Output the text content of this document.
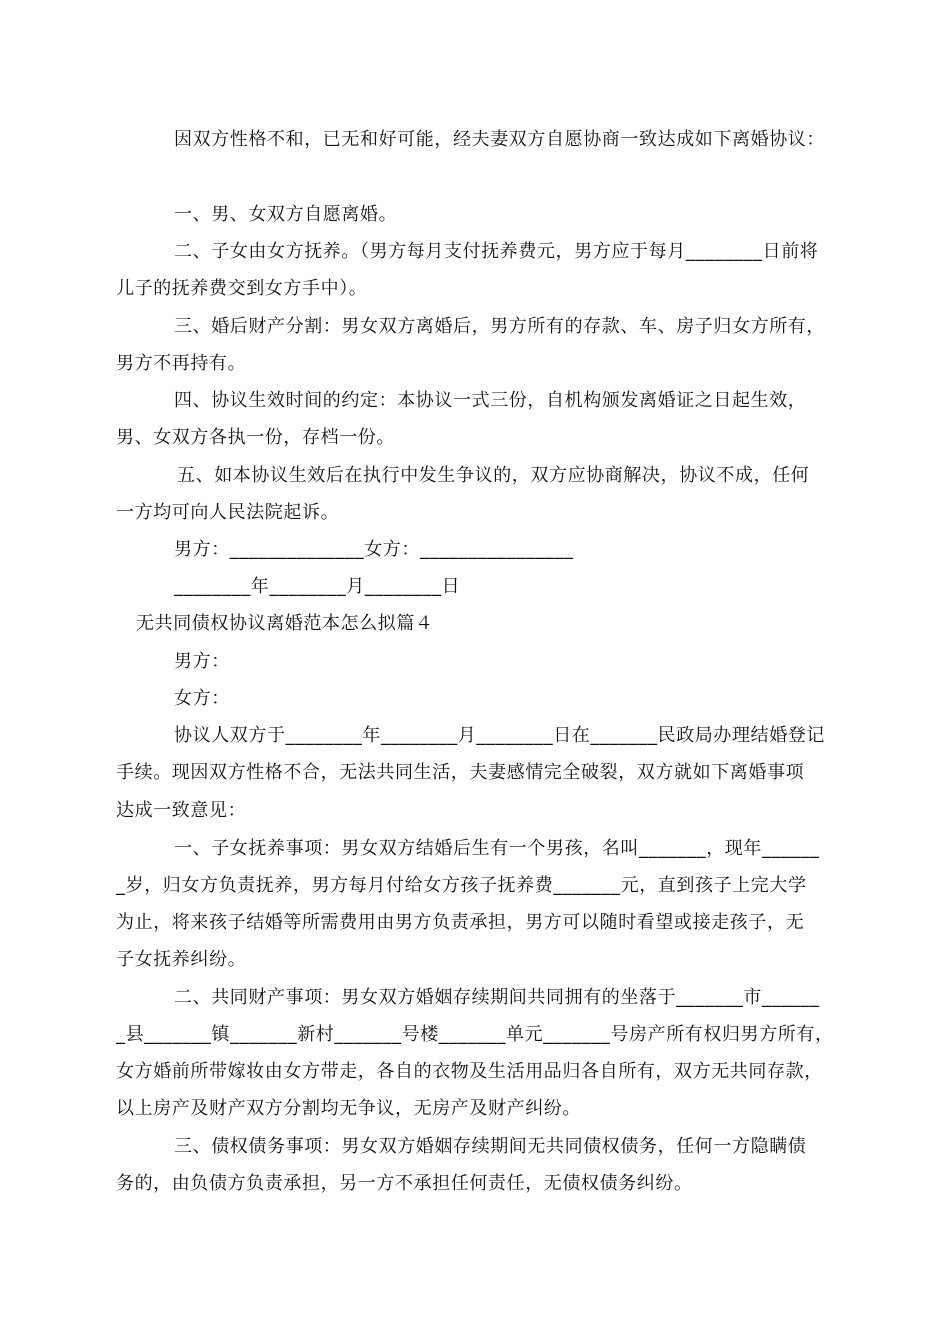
因双方性格不和，已无和好可能，经夫妻双方自愿协商一致达成如下离婚协议：
一、男、女双方自愿离婚。
二、子女由女方抚养。（男方每月支付抚养费元，男方应于每月________日前将
儿子的抚养费交到女方手中）。
三、婚后财产分割：男女双方离婚后，男方所有的存款、车、房子归女方所有，
男方不再持有。
四、协议生效时间的约定：本协议一式三份，自机构颁发离婚证之日起生效，
男、女双方各执一份，存档一份。
五、如本协议生效后在执行中发生争议的，双方应协商解决，协议不成，任何
一方均可向人民法院起诉。
男方：______________女方：________________
________年________月________日
无共同债权协议离婚范本怎么拟篇４
男方：
女方：
协议人双方于________年________月________日在_______民政局办理结婚登记
手续。现因双方性格不合，无法共同生活，夫妻感情完全破裂，双方就如下离婚事项
达成一致意见：
一、子女抚养事项：男女双方结婚后生有一个男孩，名叫_______，现年______
_岁，归女方负责抚养，男方每月付给女方孩子抚养费_______元，直到孩子上完大学
为止，将来孩子结婚等所需费用由男方负责承担，男方可以随时看望或接走孩子，无
子女抚养纠纷。
二、共同财产事项：男女双方婚姻存续期间共同拥有的坐落于_______市______
_县_______镇_______新村_______号楼_______单元_______号房产所有权归男方所有，
女方婚前所带嫁妆由女方带走，各自的衣物及生活用品归各自所有，双方无共同存款，
以上房产及财产双方分割均无争议，无房产及财产纠纷。
三、债权债务事项：男女双方婚姻存续期间无共同债权债务，任何一方隐瞒债
务的，由负债方负责承担，另一方不承担任何责任，无债权债务纠纷。
